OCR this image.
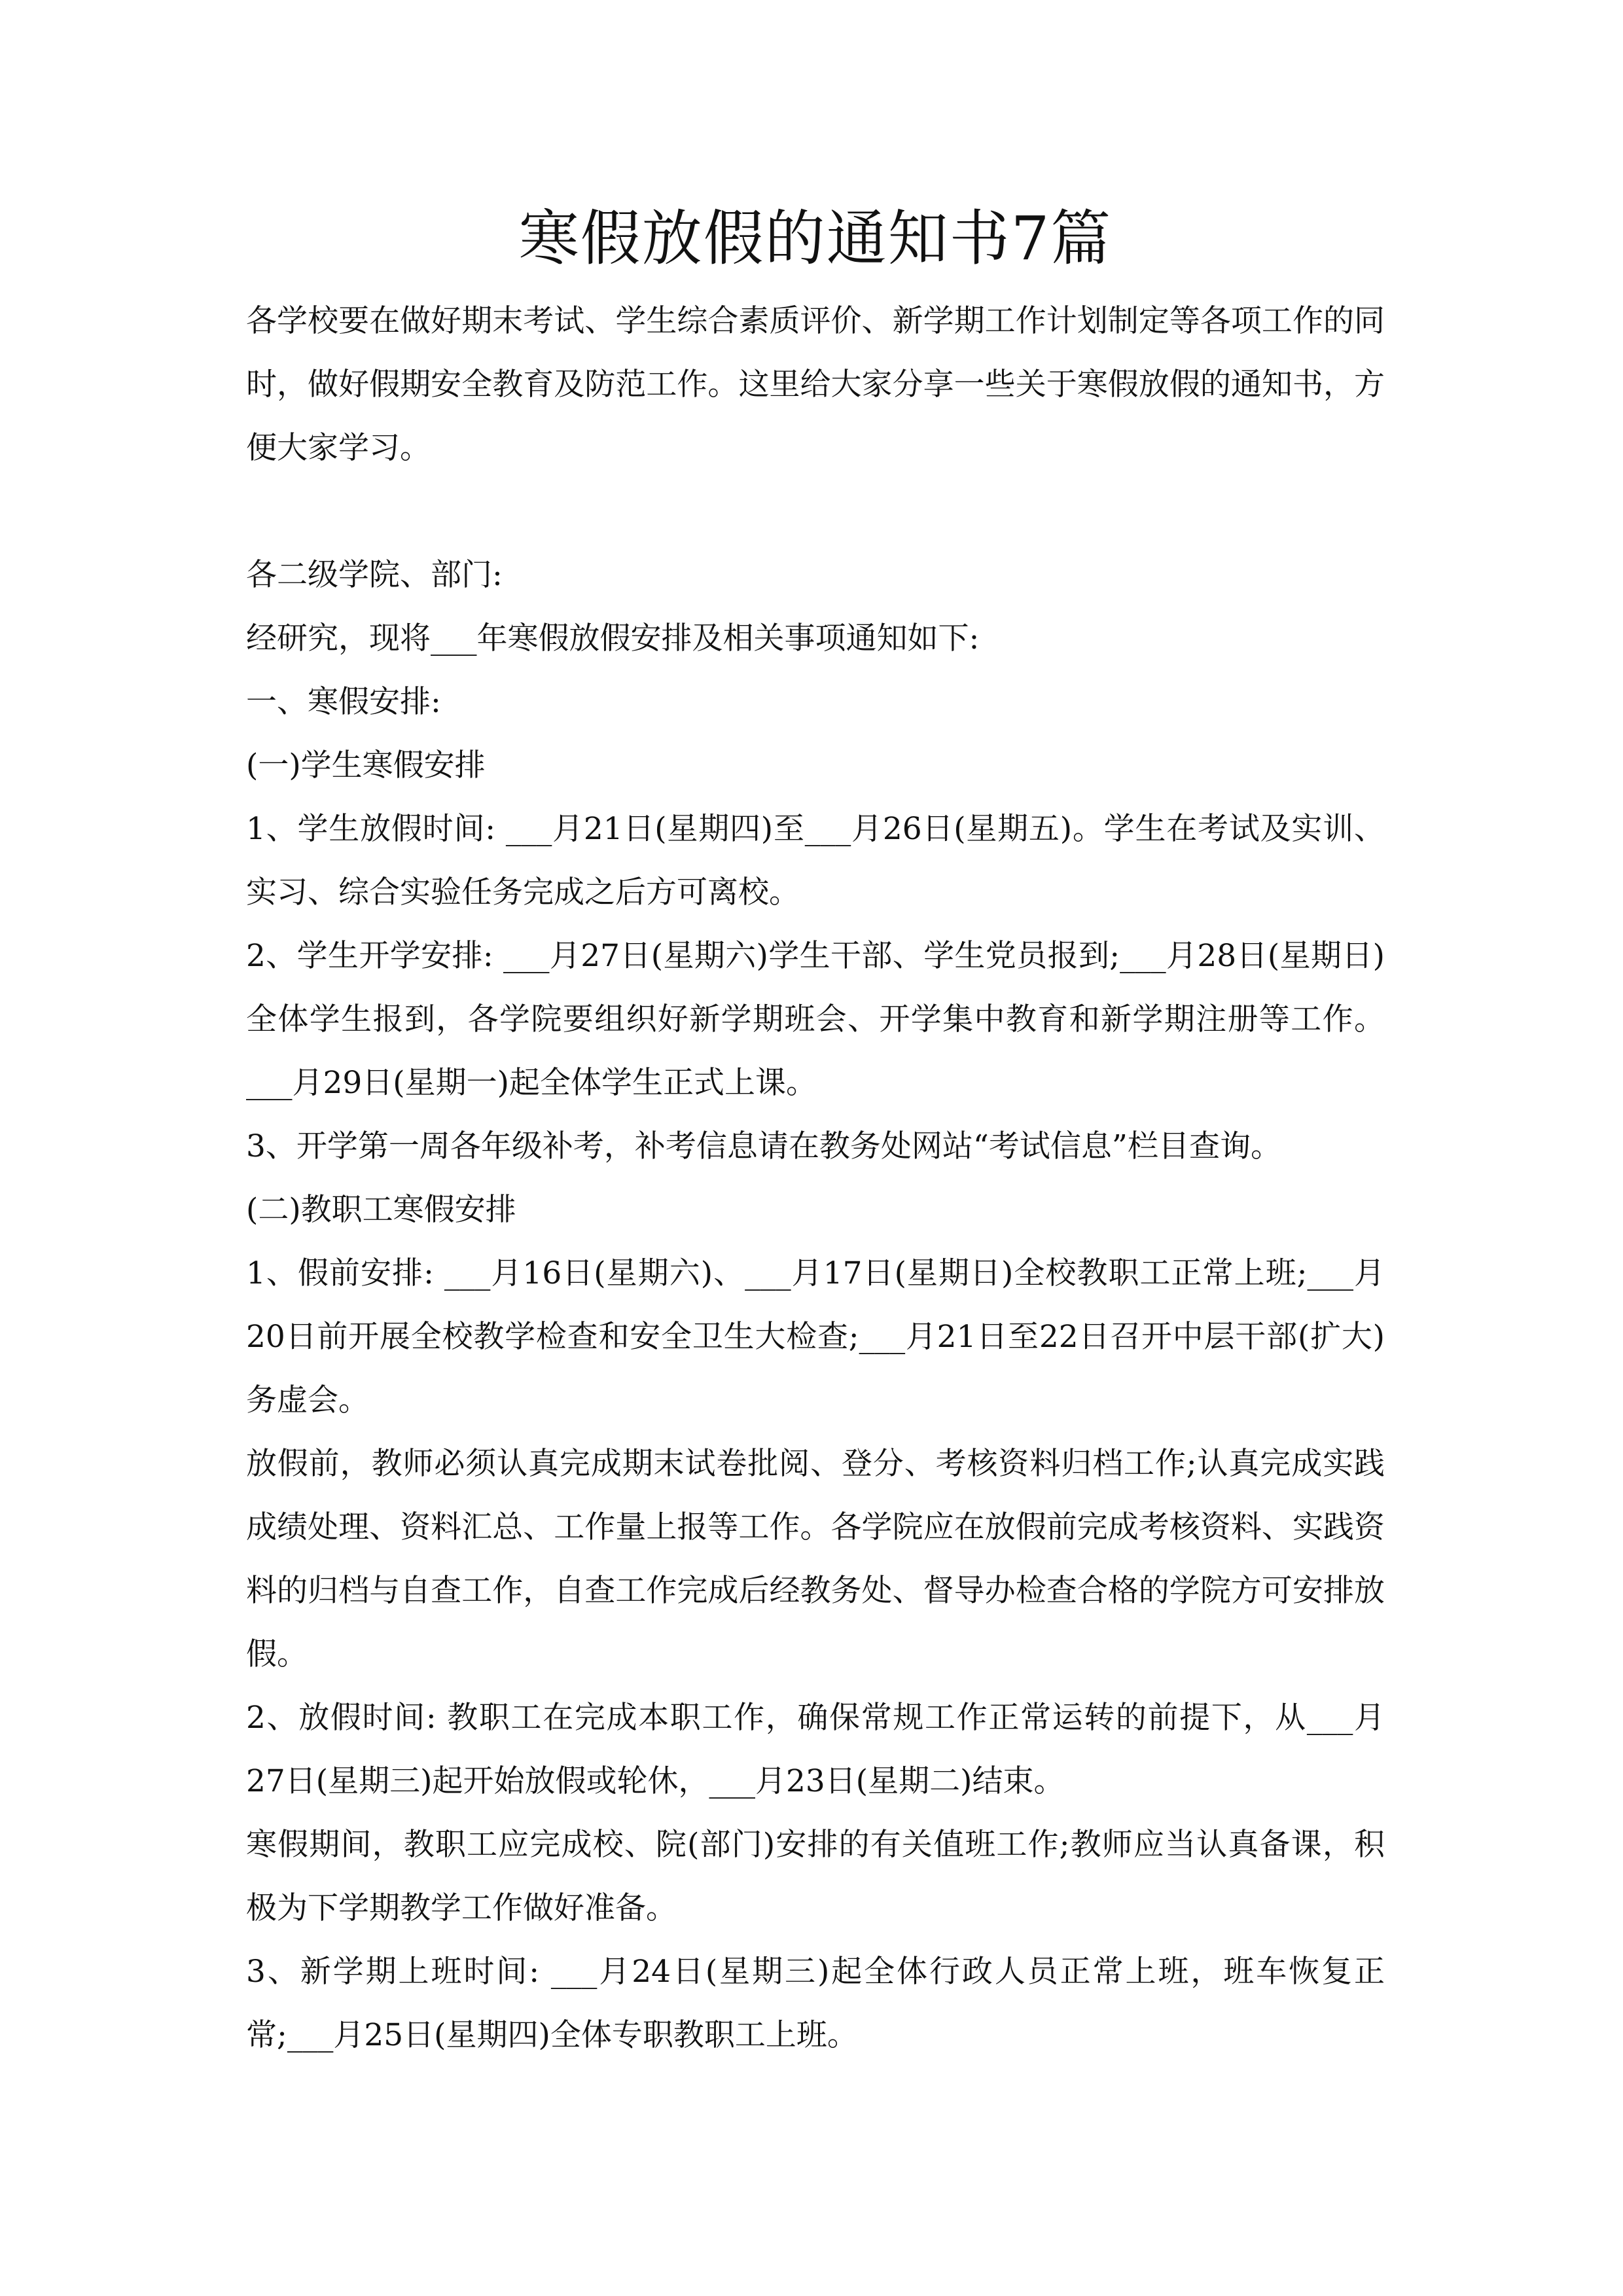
寒假放假的通知书7篇

各学校要在做好期末考试、学生综合素质评价、新学期工作计划制定等各项工作的同时，做好假期安全教育及防范工作。这里给大家分享一些关于寒假放假的通知书，方便大家学习。

各二级学院、部门:

经研究，现将___年寒假放假安排及相关事项通知如下:

一、寒假安排:

(一)学生寒假安排

1、学生放假时间: ___月21日(星期四)至___月26日(星期五)。学生在考试及实训、实习、综合实验任务完成之后方可离校。

2、学生开学安排: ___月27日(星期六)学生干部、学生党员报到;___月28日(星期日)全体学生报到，各学院要组织好新学期班会、开学集中教育和新学期注册等工作。___月29日(星期一)起全体学生正式上课。

3、开学第一周各年级补考，补考信息请在教务处网站“考试信息”栏目查询。

(二)教职工寒假安排

1、假前安排: ___月16日(星期六)、___月17日(星期日)全校教职工正常上班;___月20日前开展全校教学检查和安全卫生大检查;___月21日至22日召开中层干部(扩大)务虚会。

放假前，教师必须认真完成期末试卷批阅、登分、考核资料归档工作;认真完成实践成绩处理、资料汇总、工作量上报等工作。各学院应在放假前完成考核资料、实践资料的归档与自查工作，自查工作完成后经教务处、督导办检查合格的学院方可安排放假。

2、放假时间: 教职工在完成本职工作，确保常规工作正常运转的前提下，从___月27日(星期三)起开始放假或轮休，___月23日(星期二)结束。

寒假期间，教职工应完成校、院(部门)安排的有关值班工作;教师应当认真备课，积极为下学期教学工作做好准备。

3、新学期上班时间: ___月24日(星期三)起全体行政人员正常上班，班车恢复正常;___月25日(星期四)全体专职教职工上班。
